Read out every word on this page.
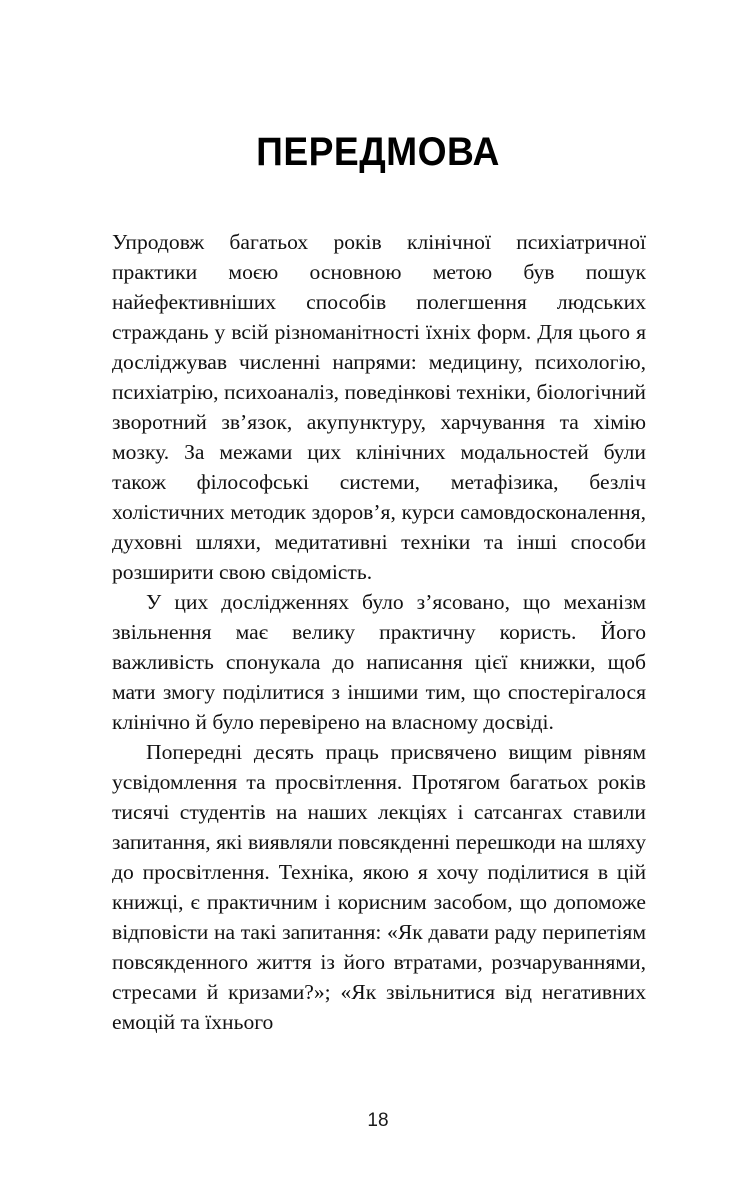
ПЕРЕДМОВА

Упродовж багатьох років клінічної психіатричної практики моєю основною метою був пошук найефективніших способів полегшення людських страждань у всій різноманітності їхніх форм. Для цього я досліджував численні напрями: медицину, психологію, психіатрію, психоаналіз, поведінкові техніки, біологічний зворотний зв’язок, акупунктуру, харчування та хімію мозку. За межами цих клінічних модальностей були також філософські системи, метафізика, безліч холістичних методик здоров’я, курси самовдосконалення, духовні шляхи, медитативні техніки та інші способи розширити свою свідомість.

У цих дослідженнях було з’ясовано, що механізм звільнення має велику практичну користь. Його важливість спонукала до написання цієї книжки, щоб мати змогу поділитися з іншими тим, що спостерігалося клінічно й було перевірено на власному досвіді.

Попередні десять праць присвячено вищим рівням усвідомлення та просвітлення. Протягом багатьох років тисячі студентів на наших лекціях і сатсангах ставили запитання, які виявляли повсякденні перешкоди на шляху до просвітлення. Техніка, якою я хочу поділитися в цій книжці, є практичним і корисним засобом, що допоможе відповісти на такі запитання: «Як давати раду перипетіям повсякденного життя із його втратами, розчаруваннями, стресами й кризами?»; «Як звільнитися від негативних емоцій та їхнього

18
